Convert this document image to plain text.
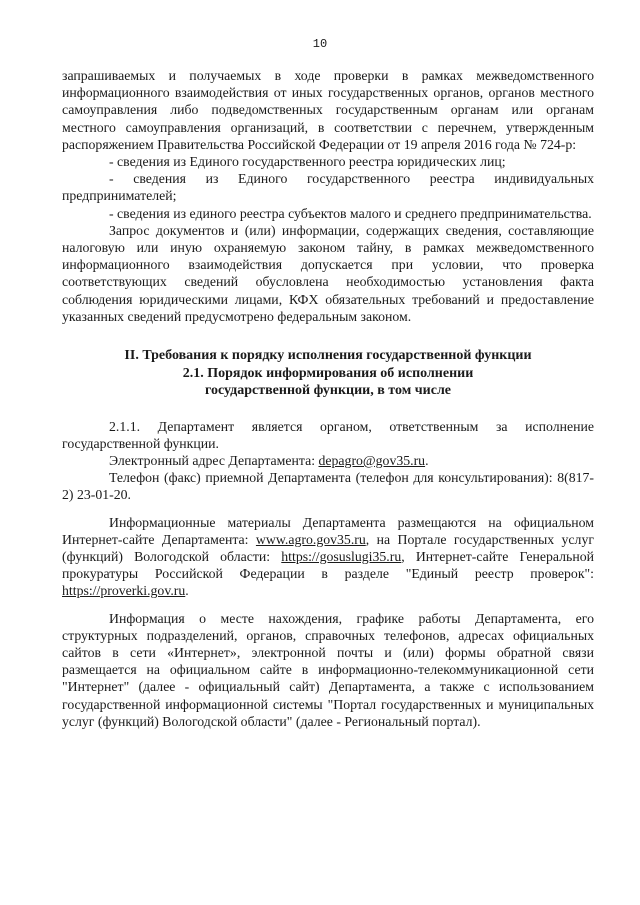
10

запрашиваемых и получаемых в ходе проверки в рамках межведомственного информационного взаимодействия от иных государственных органов, органов местного самоуправления либо подведомственных государственным органам или органам местного самоуправления организаций, в соответствии с перечнем, утвержденным распоряжением Правительства Российской Федерации от 19 апреля 2016 года № 724-р:

- сведения из Единого государственного реестра юридических лиц;

- сведения из Единого государственного реестра индивидуальных предпринимателей;

- сведения из единого реестра субъектов малого и среднего предпринимательства.

Запрос документов и (или) информации, содержащих сведения, составляющие налоговую или иную охраняемую законом тайну, в рамках межведомственного информационного взаимодействия допускается при условии, что проверка соответствующих сведений обусловлена необходимостью установления факта соблюдения юридическими лицами, КФХ обязательных требований и предоставление указанных сведений предусмотрено федеральным законом.

II. Требования к порядку исполнения государственной функции
2.1. Порядок информирования об исполнении
государственной функции, в том числе

2.1.1. Департамент является органом, ответственным за исполнение государственной функции.

Электронный адрес Департамента: depagro@gov35.ru.

Телефон (факс) приемной Департамента (телефон для консультирования): 8(817-2) 23-01-20.

Информационные материалы Департамента размещаются на официальном Интернет-сайте Департамента: www.agro.gov35.ru, на Портале государственных услуг (функций) Вологодской области: https://gosuslugi35.ru, Интернет-сайте Генеральной прокуратуры Российской Федерации в разделе "Единый реестр проверок": https://proverki.gov.ru.

Информация о месте нахождения, графике работы Департамента, его структурных подразделений, органов, справочных телефонов, адресах официальных сайтов в сети «Интернет», электронной почты и (или) формы обратной связи размещается на официальном сайте в информационно-телекоммуникационной сети "Интернет" (далее - официальный сайт) Департамента, а также с использованием государственной информационной системы "Портал государственных и муниципальных услуг (функций) Вологодской области" (далее - Региональный портал).
